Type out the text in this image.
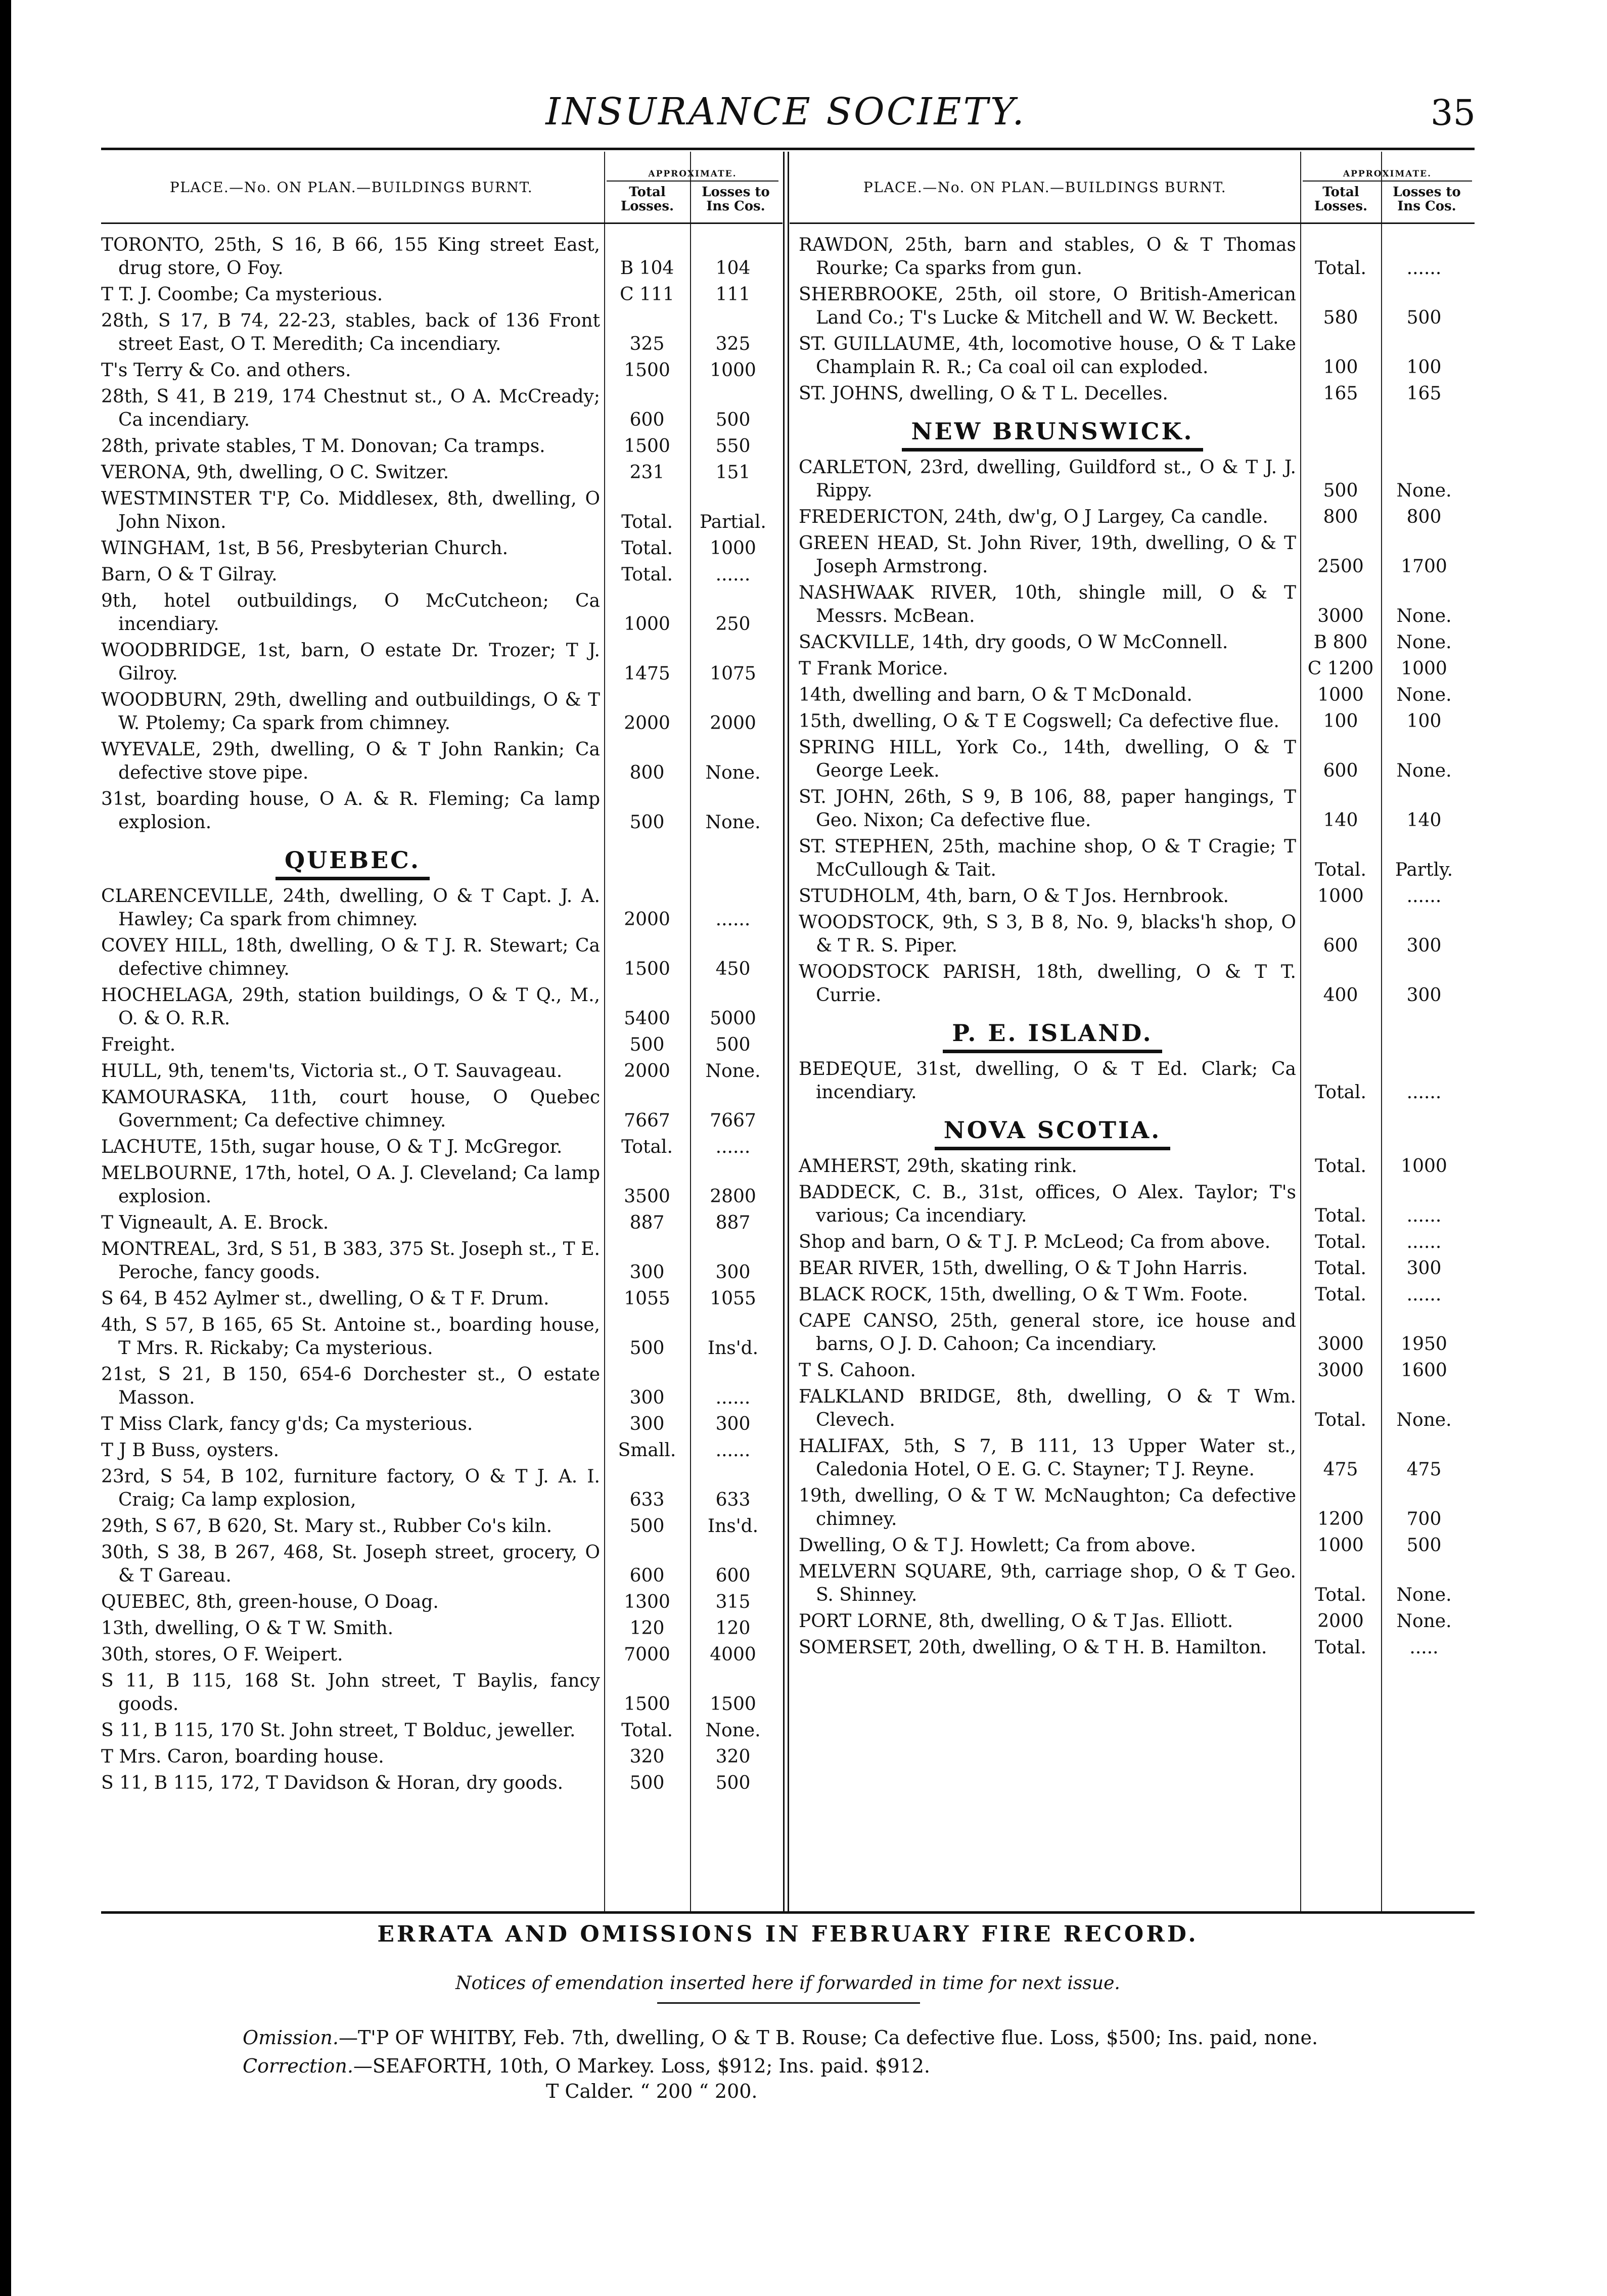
INSURANCE SOCIETY.	35
PLACE.—No. ON PLAN.—BUILDINGS BURNT.
APPROXIMATE.
Total Losses.
Losses to Ins Cos.
TORONTO, 25th, S 16, B 66, 155 King street East, drug store, O Foy.	B 104	104
T T. J. Coombe; Ca mysterious.	C 111	111
28th, S 17, B 74, 22-23, stables, back of 136 Front street East, O T. Meredith; Ca incendiary.	325	325
T's Terry & Co. and others.	1500	1000
28th, S 41, B 219, 174 Chestnut st., O A. McCready; Ca incendiary.	600	500
28th, private stables, T M. Donovan; Ca tramps.	1500	550
VERONA, 9th, dwelling, O C. Switzer.	231	151
WESTMINSTER T'P, Co. Middlesex, 8th, dwelling, O John Nixon.	Total.	Partial.
WINGHAM, 1st, B 56, Presbyterian Church.	Total.	1000
Barn, O & T Gilray.	Total.	......
9th, hotel outbuildings, O McCutcheon; Ca incendiary.	1000	250
WOODBRIDGE, 1st, barn, O estate Dr. Trozer; T J. Gilroy.	1475	1075
WOODBURN, 29th, dwelling and outbuildings, O & T W. Ptolemy; Ca spark from chimney.	2000	2000
WYEVALE, 29th, dwelling, O & T John Rankin; Ca defective stove pipe.	800	None.
31st, boarding house, O A. & R. Fleming; Ca lamp explosion.	500	None.
QUEBEC.
CLARENCEVILLE, 24th, dwelling, O & T Capt. J. A. Hawley; Ca spark from chimney.	2000	......
COVEY HILL, 18th, dwelling, O & T J. R. Stewart; Ca defective chimney.	1500	450
HOCHELAGA, 29th, station buildings, O & T Q., M., O. & O. R.R.	5400	5000
Freight.	500	500
HULL, 9th, tenem'ts, Victoria st., O T. Sauvageau.	2000	None.
KAMOURASKA, 11th, court house, O Quebec Government; Ca defective chimney.	7667	7667
LACHUTE, 15th, sugar house, O & T J. McGregor.	Total.	......
MELBOURNE, 17th, hotel, O A. J. Cleveland; Ca lamp explosion.	3500	2800
T Vigneault, A. E. Brock.	887	887
MONTREAL, 3rd, S 51, B 383, 375 St. Joseph st., T E. Peroche, fancy goods.	300	300
S 64, B 452 Aylmer st., dwelling, O & T F. Drum.	1055	1055
4th, S 57, B 165, 65 St. Antoine st., boarding house, T Mrs. R. Rickaby; Ca mysterious.	500	Ins'd.
21st, S 21, B 150, 654-6 Dorchester st., O estate Masson.	300	......
T Miss Clark, fancy g'ds; Ca mysterious.	300	300
T J B Buss, oysters.	Small.	......
23rd, S 54, B 102, furniture factory, O & T J. A. I. Craig; Ca lamp explosion,	633	633
29th, S 67, B 620, St. Mary st., Rubber Co's kiln.	500	Ins'd.
30th, S 38, B 267, 468, St. Joseph street, grocery, O & T Gareau.	600	600
QUEBEC, 8th, green-house, O Doag.	1300	315
13th, dwelling, O & T W. Smith.	120	120
30th, stores, O F. Weipert.	7000	4000
S 11, B 115, 168 St. John street, T Baylis, fancy goods.	1500	1500
S 11, B 115, 170 St. John street, T Bolduc, jeweller.	Total.	None.
T Mrs. Caron, boarding house.	320	320
S 11, B 115, 172, T Davidson & Horan, dry goods.	500	500
PLACE.—No. ON PLAN.—BUILDINGS BURNT.
APPROXIMATE.
Total Losses.
Losses to Ins Cos.
RAWDON, 25th, barn and stables, O & T Thomas Rourke; Ca sparks from gun.	Total.	......
SHERBROOKE, 25th, oil store, O British-American Land Co.; T's Lucke & Mitchell and W. W. Beckett.	580	500
ST. GUILLAUME, 4th, locomotive house, O & T Lake Champlain R. R.; Ca coal oil can exploded.	100	100
ST. JOHNS, dwelling, O & T L. Decelles.	165	165
NEW BRUNSWICK.
CARLETON, 23rd, dwelling, Guildford st., O & T J. J. Rippy.	500	None.
FREDERICTON, 24th, dw'g, O J Largey, Ca candle.	800	800
GREEN HEAD, St. John River, 19th, dwelling, O & T Joseph Armstrong.	2500	1700
NASHWAAK RIVER, 10th, shingle mill, O & T Messrs. McBean.	3000	None.
SACKVILLE, 14th, dry goods, O W McConnell.	B 800	None.
T Frank Morice.	C 1200	1000
14th, dwelling and barn, O & T McDonald.	1000	None.
15th, dwelling, O & T E Cogswell; Ca defective flue.	100	100
SPRING HILL, York Co., 14th, dwelling, O & T George Leek.	600	None.
ST. JOHN, 26th, S 9, B 106, 88, paper hangings, T Geo. Nixon; Ca defective flue.	140	140
ST. STEPHEN, 25th, machine shop, O & T Cragie; T McCullough & Tait.	Total.	Partly.
STUDHOLM, 4th, barn, O & T Jos. Hernbrook.	1000	......
WOODSTOCK, 9th, S 3, B 8, No. 9, blacks'h shop, O & T R. S. Piper.	600	300
WOODSTOCK PARISH, 18th, dwelling, O & T T. Currie.	400	300
P. E. ISLAND.
BEDEQUE, 31st, dwelling, O & T Ed. Clark; Ca incendiary.	Total.	......
NOVA SCOTIA.
AMHERST, 29th, skating rink.	Total.	1000
BADDECK, C. B., 31st, offices, O Alex. Taylor; T's various; Ca incendiary.	Total.	......
Shop and barn, O & T J. P. McLeod; Ca from above.	Total.	......
BEAR RIVER, 15th, dwelling, O & T John Harris.	Total.	300
BLACK ROCK, 15th, dwelling, O & T Wm. Foote.	Total.	......
CAPE CANSO, 25th, general store, ice house and barns, O J. D. Cahoon; Ca incendiary.	3000	1950
T S. Cahoon.	3000	1600
FALKLAND BRIDGE, 8th, dwelling, O & T Wm. Clevech.	Total.	None.
HALIFAX, 5th, S 7, B 111, 13 Upper Water st., Caledonia Hotel, O E. G. C. Stayner; T J. Reyne.	475	475
19th, dwelling, O & T W. McNaughton; Ca defective chimney.	1200	700
Dwelling, O & T J. Howlett; Ca from above.	1000	500
MELVERN SQUARE, 9th, carriage shop, O & T Geo. S. Shinney.	Total.	None.
PORT LORNE, 8th, dwelling, O & T Jas. Elliott.	2000	None.
SOMERSET, 20th, dwelling, O & T H. B. Hamilton.	Total.	.....
ERRATA AND OMISSIONS IN FEBRUARY FIRE RECORD.
Notices of emendation inserted here if forwarded in time for next issue.
Omission.—T'P OF WHITBY, Feb. 7th, dwelling, O & T B. Rouse; Ca defective flue. Loss, $500; Ins. paid, none.
Correction.—SEAFORTH, 10th, O Markey. Loss, $912; Ins. paid. $912.
T Calder. “ 200 “ 200.
